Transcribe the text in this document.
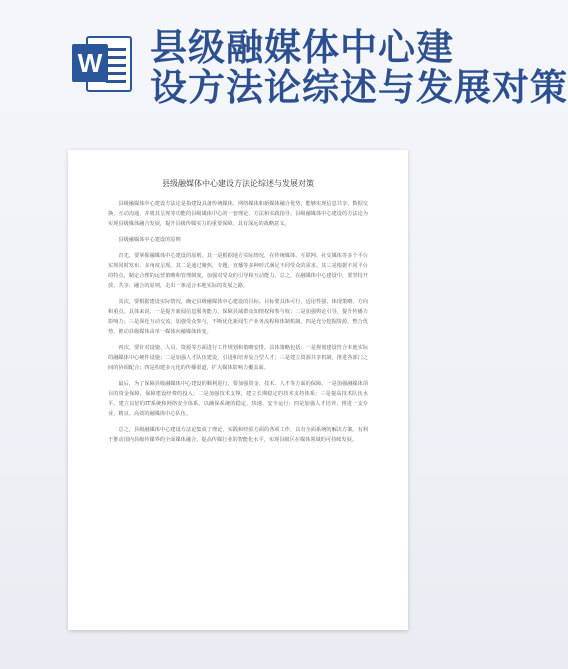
W 县级融媒体中心建
设方法论综述与发展对策
县级融媒体中心建设方法论综述与发展对策

县级融媒体中心建设方法论是指建设具备传统媒体、网络媒体和新媒体融合优势，能够实现信息共享、数据交换、互动沟通，并将其呈现等功能的县级媒体中心的一套理论、方法和实践指导。县级融媒体中心建设的方法论为实现县级媒体融合发展，提升县级传媒实力的重要保障，具有深远的战略意义。

县级融媒体中心建设的原则

首先，要掌握融媒体中心建设的原则。其一是根据地方实际情况，在传统媒体、互联网、社交媒体等多个平台实现同时发布、多角度呈现。其二是通过聚焦，专题、直播等多种形式满足不同受众的需求。其三是根据不同平台的特点，制定合理的运营策略和管理制度，加强对受众的引导和互动能力。总之，在融媒体中心建设中，要坚持开放、共享、融合的原则，走出一条适合本地实际的发展之路。

其次，要根据建设实际情况，确定县级融媒体中心建设的目标。目标要具体可行，适用性强，体现策略、方向和重点。具体来说，一是提升新闻信息服务能力，保障县域群众知情权和参与权；二是加强舆论引导，提升传播力影响力；三是深化互动交流，加强受众参与，不断优化新闻生产业务流程和体制机制。四是充分挖掘资源，整合优势，推动县级媒体由单一媒体向融媒体转变。

再次，要针对设施、人员、资源等方面进行工作规划和策略安排。具体策略包括：一是规划建设符合本地实际的融媒体中心硬件设施；二是加强人才队伍建设，引进和培养复合型人才；三是建立资源共享机制，推进各部门之间的协调配合；四是构建多元化的传播渠道，扩大媒体影响力覆盖面。

最后，为了保障县级融媒体中心建设的顺利进行，要加强资金、技术、人才等方面的保障。一是加强融媒体项目的资金保障，保障建设经费的投入；二是加强技术支撑，建立长期稳定的技术支持体系；三是提高技术队伍水平，建立良好的IT系统和网络安全体系，以确保系统的稳定、快速、安全运行；四是加强人才培养，推进一支专业、精良、高效的融媒体中心队伍。

总之，县级融媒体中心建设方法论集成了理论、实践和经验方面的各项工作，具有全面系统的解决方案。有利于推动国内县级传媒界的全面媒体融合，提高传媒行业的智能化水平，实现县级区在媒体领域的可持续发展。
